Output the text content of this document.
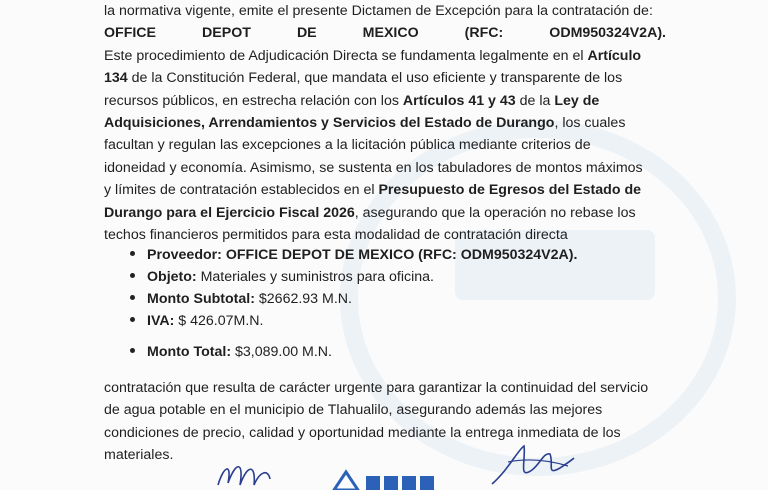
la normativa vigente, emite el presente Dictamen de Excepción para la contratación de:
OFFICE	DEPOT	DE	MEXICO	(RFC:	ODM950324V2A).
Este procedimiento de Adjudicación Directa se fundamenta legalmente en el Artículo
134 de la Constitución Federal, que mandata el uso eficiente y transparente de los
recursos públicos, en estrecha relación con los Artículos 41 y 43 de la Ley de
Adquisiciones, Arrendamientos y Servicios del Estado de Durango, los cuales
facultan y regulan las excepciones a la licitación pública mediante criterios de
idoneidad y economía. Asimismo, se sustenta en los tabuladores de montos máximos
y límites de contratación establecidos en el Presupuesto de Egresos del Estado de
Durango para el Ejercicio Fiscal 2026, asegurando que la operación no rebase los
techos financieros permitidos para esta modalidad de contratación directa
Proveedor: OFFICE DEPOT DE MEXICO (RFC: ODM950324V2A).
Objeto: Materiales y suministros para oficina.
Monto Subtotal: $2662.93 M.N.
IVA: $ 426.07M.N.
Monto Total: $3,089.00 M.N.
contratación que resulta de carácter urgente para garantizar la continuidad del servicio
de agua potable en el municipio de Tlahualilo, asegurando además las mejores
condiciones de precio, calidad y oportunidad mediante la entrega inmediata de los
materiales.
